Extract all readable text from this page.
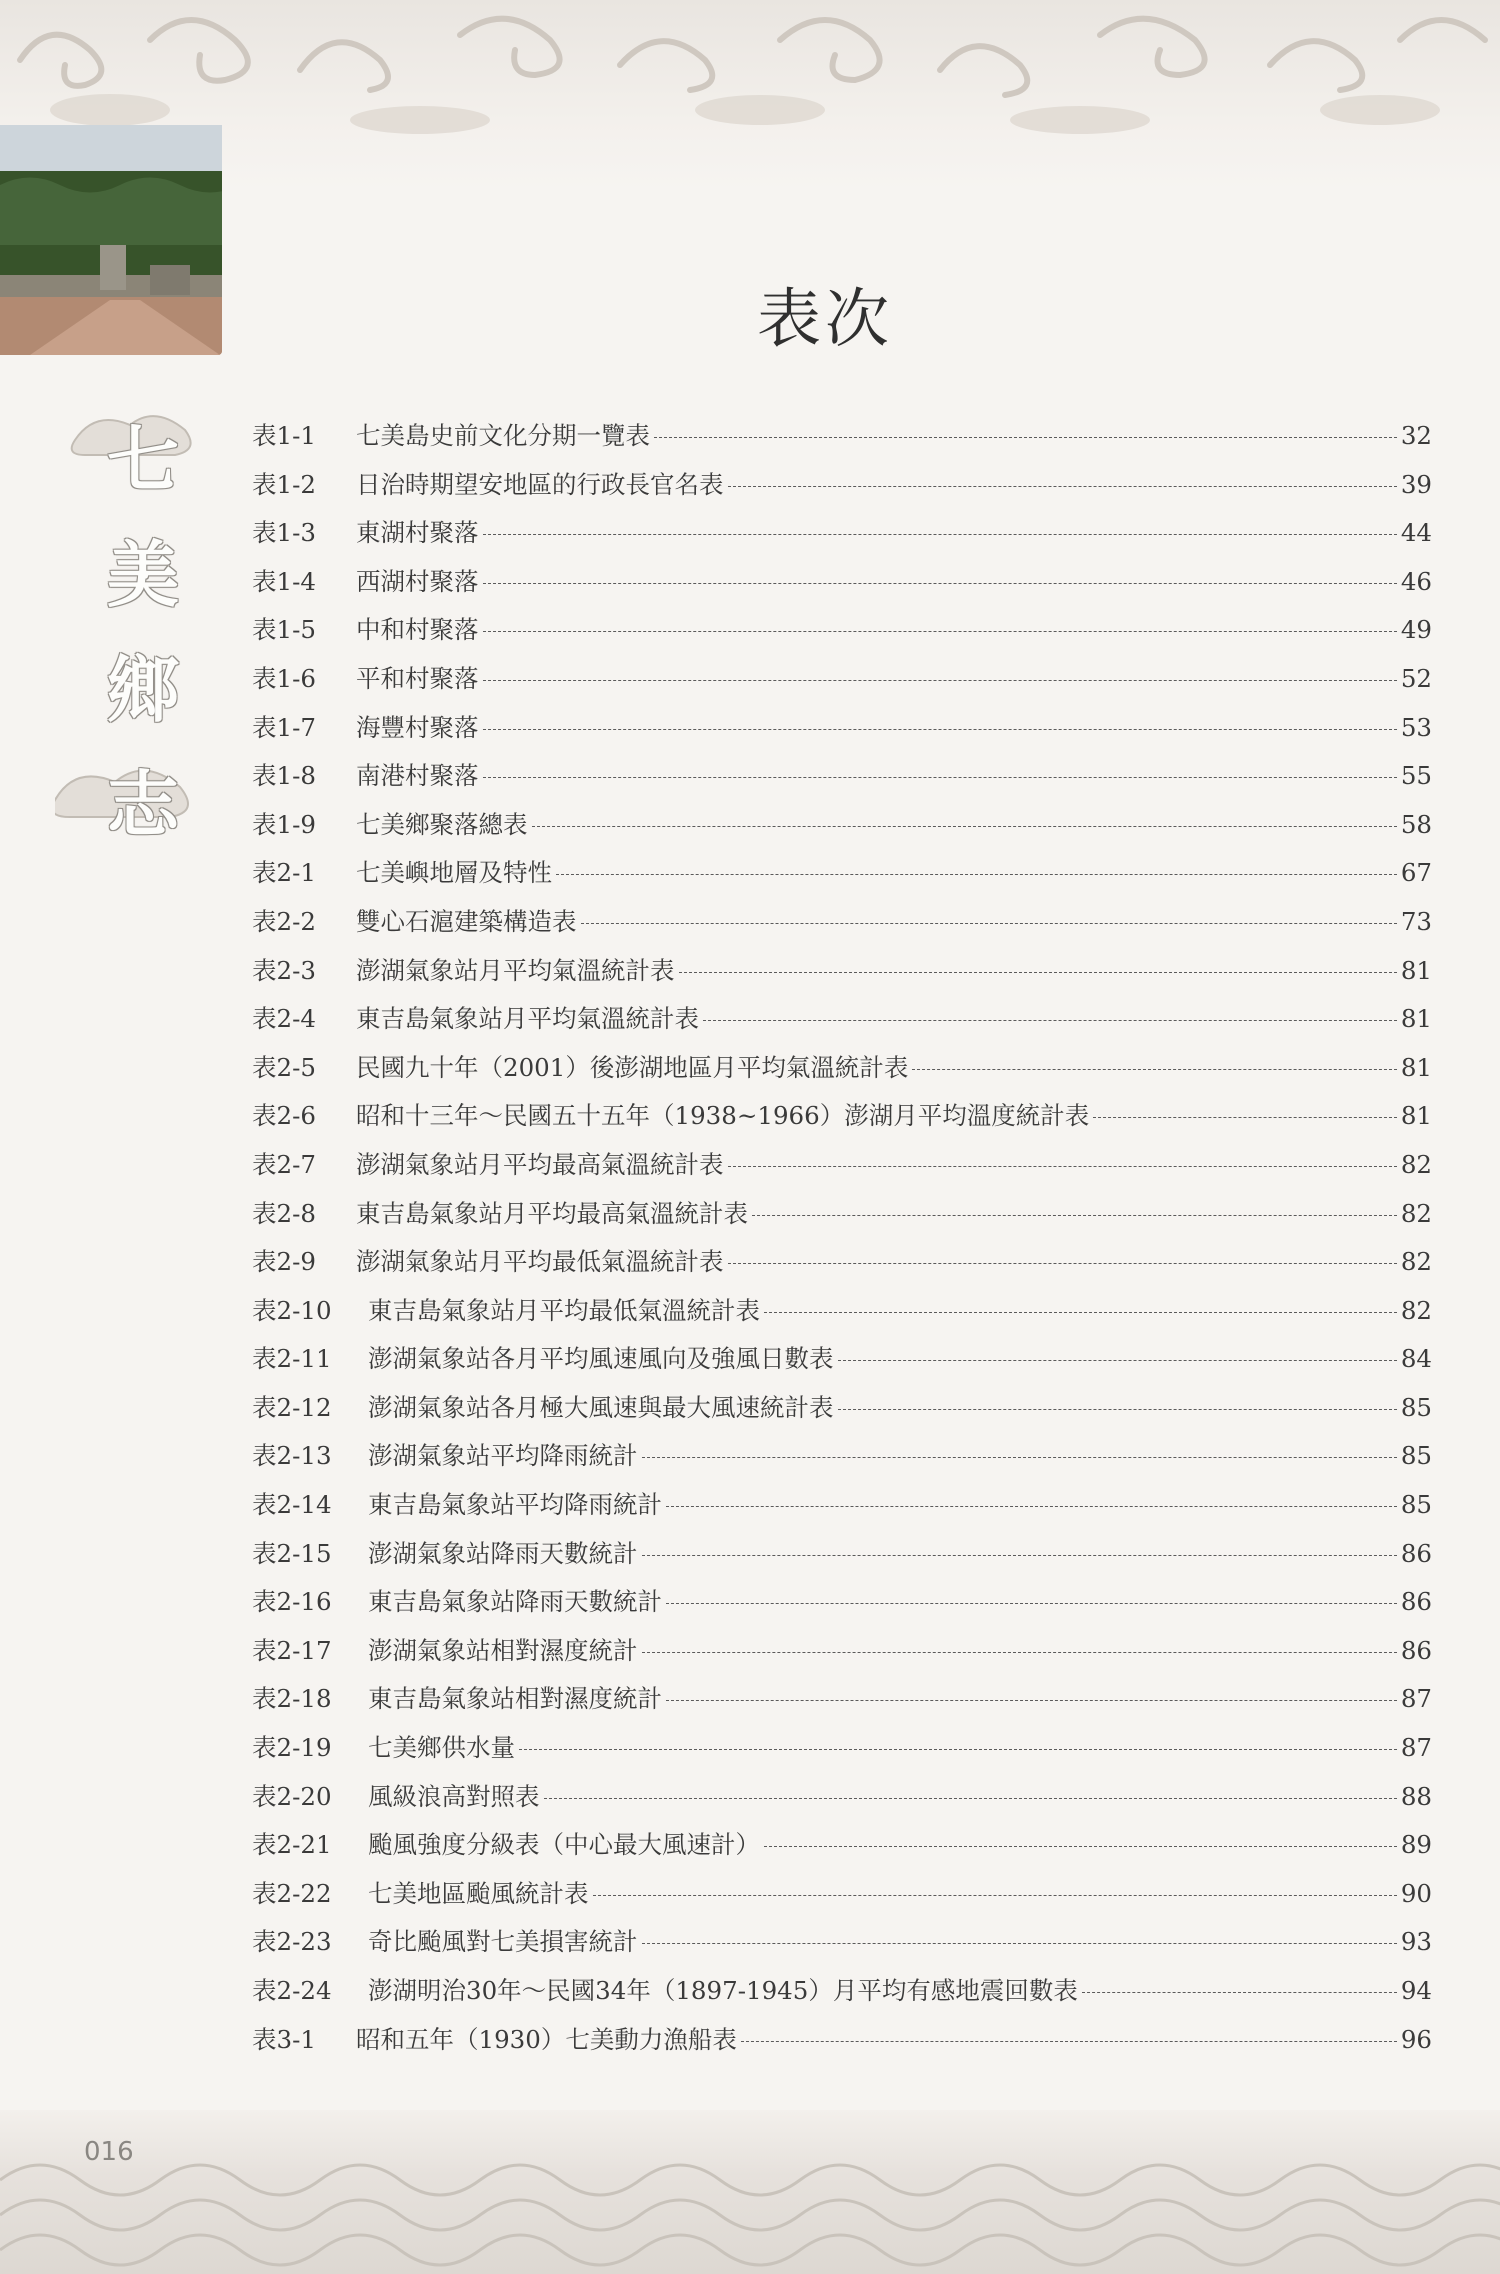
七
美
鄉
志
表次
表1-1	七美島史前文化分期一覽表	32
表1-2	日治時期望安地區的行政長官名表	39
表1-3	東湖村聚落	44
表1-4	西湖村聚落	46
表1-5	中和村聚落	49
表1-6	平和村聚落	52
表1-7	海豐村聚落	53
表1-8	南港村聚落	55
表1-9	七美鄉聚落總表	58
表2-1	七美嶼地層及特性	67
表2-2	雙心石滬建築構造表	73
表2-3	澎湖氣象站月平均氣溫統計表	81
表2-4	東吉島氣象站月平均氣溫統計表	81
表2-5	民國九十年（2001）後澎湖地區月平均氣溫統計表	81
表2-6	昭和十三年～民國五十五年（1938~1966）澎湖月平均溫度統計表	81
表2-7	澎湖氣象站月平均最高氣溫統計表	82
表2-8	東吉島氣象站月平均最高氣溫統計表	82
表2-9	澎湖氣象站月平均最低氣溫統計表	82
表2-10	東吉島氣象站月平均最低氣溫統計表	82
表2-11	澎湖氣象站各月平均風速風向及強風日數表	84
表2-12	澎湖氣象站各月極大風速與最大風速統計表	85
表2-13	澎湖氣象站平均降雨統計	85
表2-14	東吉島氣象站平均降雨統計	85
表2-15	澎湖氣象站降雨天數統計	86
表2-16	東吉島氣象站降雨天數統計	86
表2-17	澎湖氣象站相對濕度統計	86
表2-18	東吉島氣象站相對濕度統計	87
表2-19	七美鄉供水量	87
表2-20	風級浪高對照表	88
表2-21	颱風強度分級表（中心最大風速計）	89
表2-22	七美地區颱風統計表	90
表2-23	奇比颱風對七美損害統計	93
表2-24	澎湖明治30年～民國34年（1897-1945）月平均有感地震回數表	94
表3-1	昭和五年（1930）七美動力漁船表	96
016
